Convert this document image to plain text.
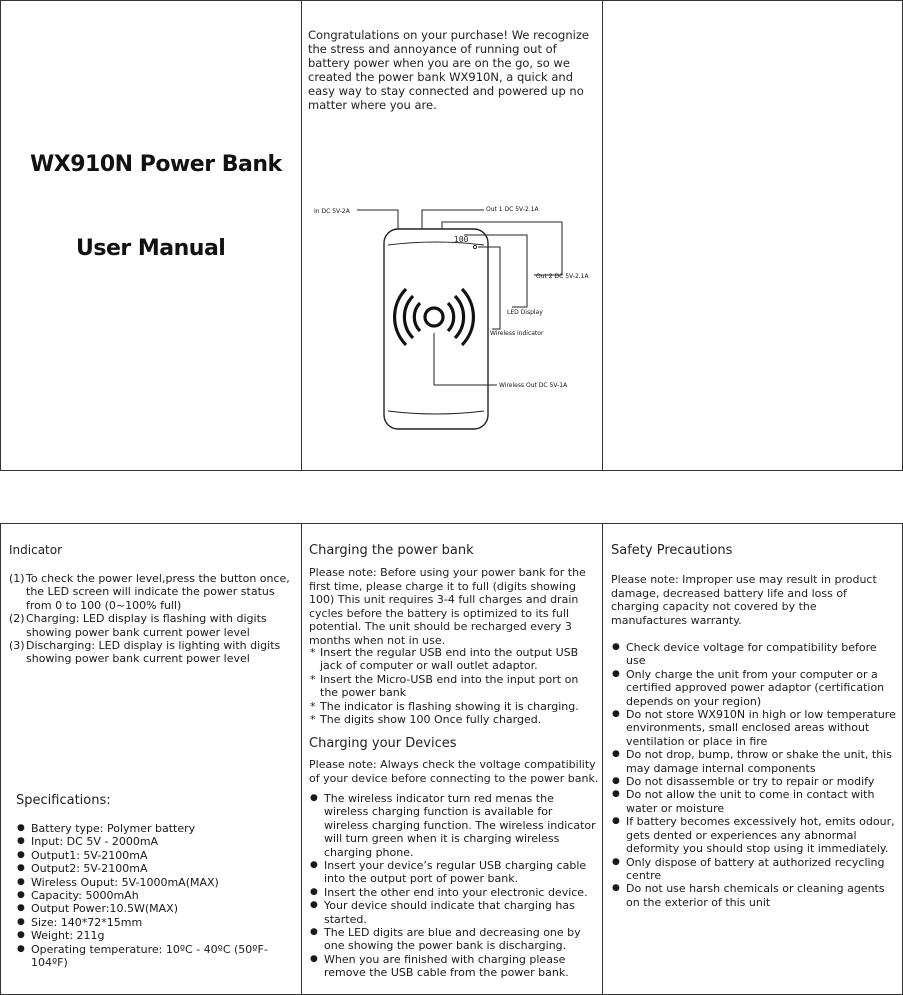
WX910N Power Bank
User Manual
Congratulations on your purchase! We recognize the stress and annoyance of running out of battery power when you are on the go, so we created the power bank WX910N, a quick and easy way to stay connected and powered up no matter where you are.
100
In DC 5V-2A	Out 1 DC 5V-2.1A
Out 2 DC 5V-2.1A
LED Display
Wireless indicator
Wireless Out DC 5V-1A
Indicator
(1) To check the power level,press the button once, the LED screen will indicate the power status from 0 to 100 (0~100% full)
(2) Charging: LED display is flashing with digits showing power bank current power level
(3) Discharging: LED display is lighting with digits showing power bank current power level
Specifications:
● Battery type: Polymer battery
● Input: DC 5V - 2000mA
● Output1: 5V-2100mA
● Output2: 5V-2100mA
● Wireless Ouput: 5V-1000mA(MAX)
● Capacity: 5000mAh
● Output Power:10.5W(MAX)
● Size: 140*72*15mm
● Weight: 211g
● Operating temperature: 10ºC - 40ºC (50ºF-104ºF)
Charging the power bank
Please note: Before using your power bank for the first time, please charge it to full (digits showing 100) This unit requires 3-4 full charges and drain cycles before the battery is optimized to its full potential. The unit should be recharged every 3 months when not in use.
* Insert the regular USB end into the output USB jack of computer or wall outlet adaptor.
* Insert the Micro-USB end into the input port on the power bank
* The indicator is flashing showing it is charging.
* The digits show 100 Once fully charged.
Charging your Devices
Please note: Always check the voltage compatibility of your device before connecting to the power bank.
● The wireless indicator turn red menas the wireless charging function is available for wireless charging function. The wireless indicator will turn green when it is charging wireless charging phone.
● Insert your device’s regular USB charging cable into the output port of power bank.
● Insert the other end into your electronic device.
● Your device should indicate that charging has started.
● The LED digits are blue and decreasing one by one showing the power bank is discharging.
● When you are finished with charging please remove the USB cable from the power bank.
Safety Precautions
Please note: Improper use may result in product damage, decreased battery life and loss of charging capacity not covered by the manufactures warranty.
● Check device voltage for compatibility before use
● Only charge the unit from your computer or a certified approved power adaptor (certification depends on your region)
● Do not store WX910N in high or low temperature environments, small enclosed areas without ventilation or place in fire
● Do not drop, bump, throw or shake the unit, this may damage internal components
● Do not disassemble or try to repair or modify
● Do not allow the unit to come in contact with water or moisture
● If battery becomes excessively hot, emits odour, gets dented or experiences any abnormal deformity you should stop using it immediately.
● Only dispose of battery at authorized recycling centre
● Do not use harsh chemicals or cleaning agents on the exterior of this unit
